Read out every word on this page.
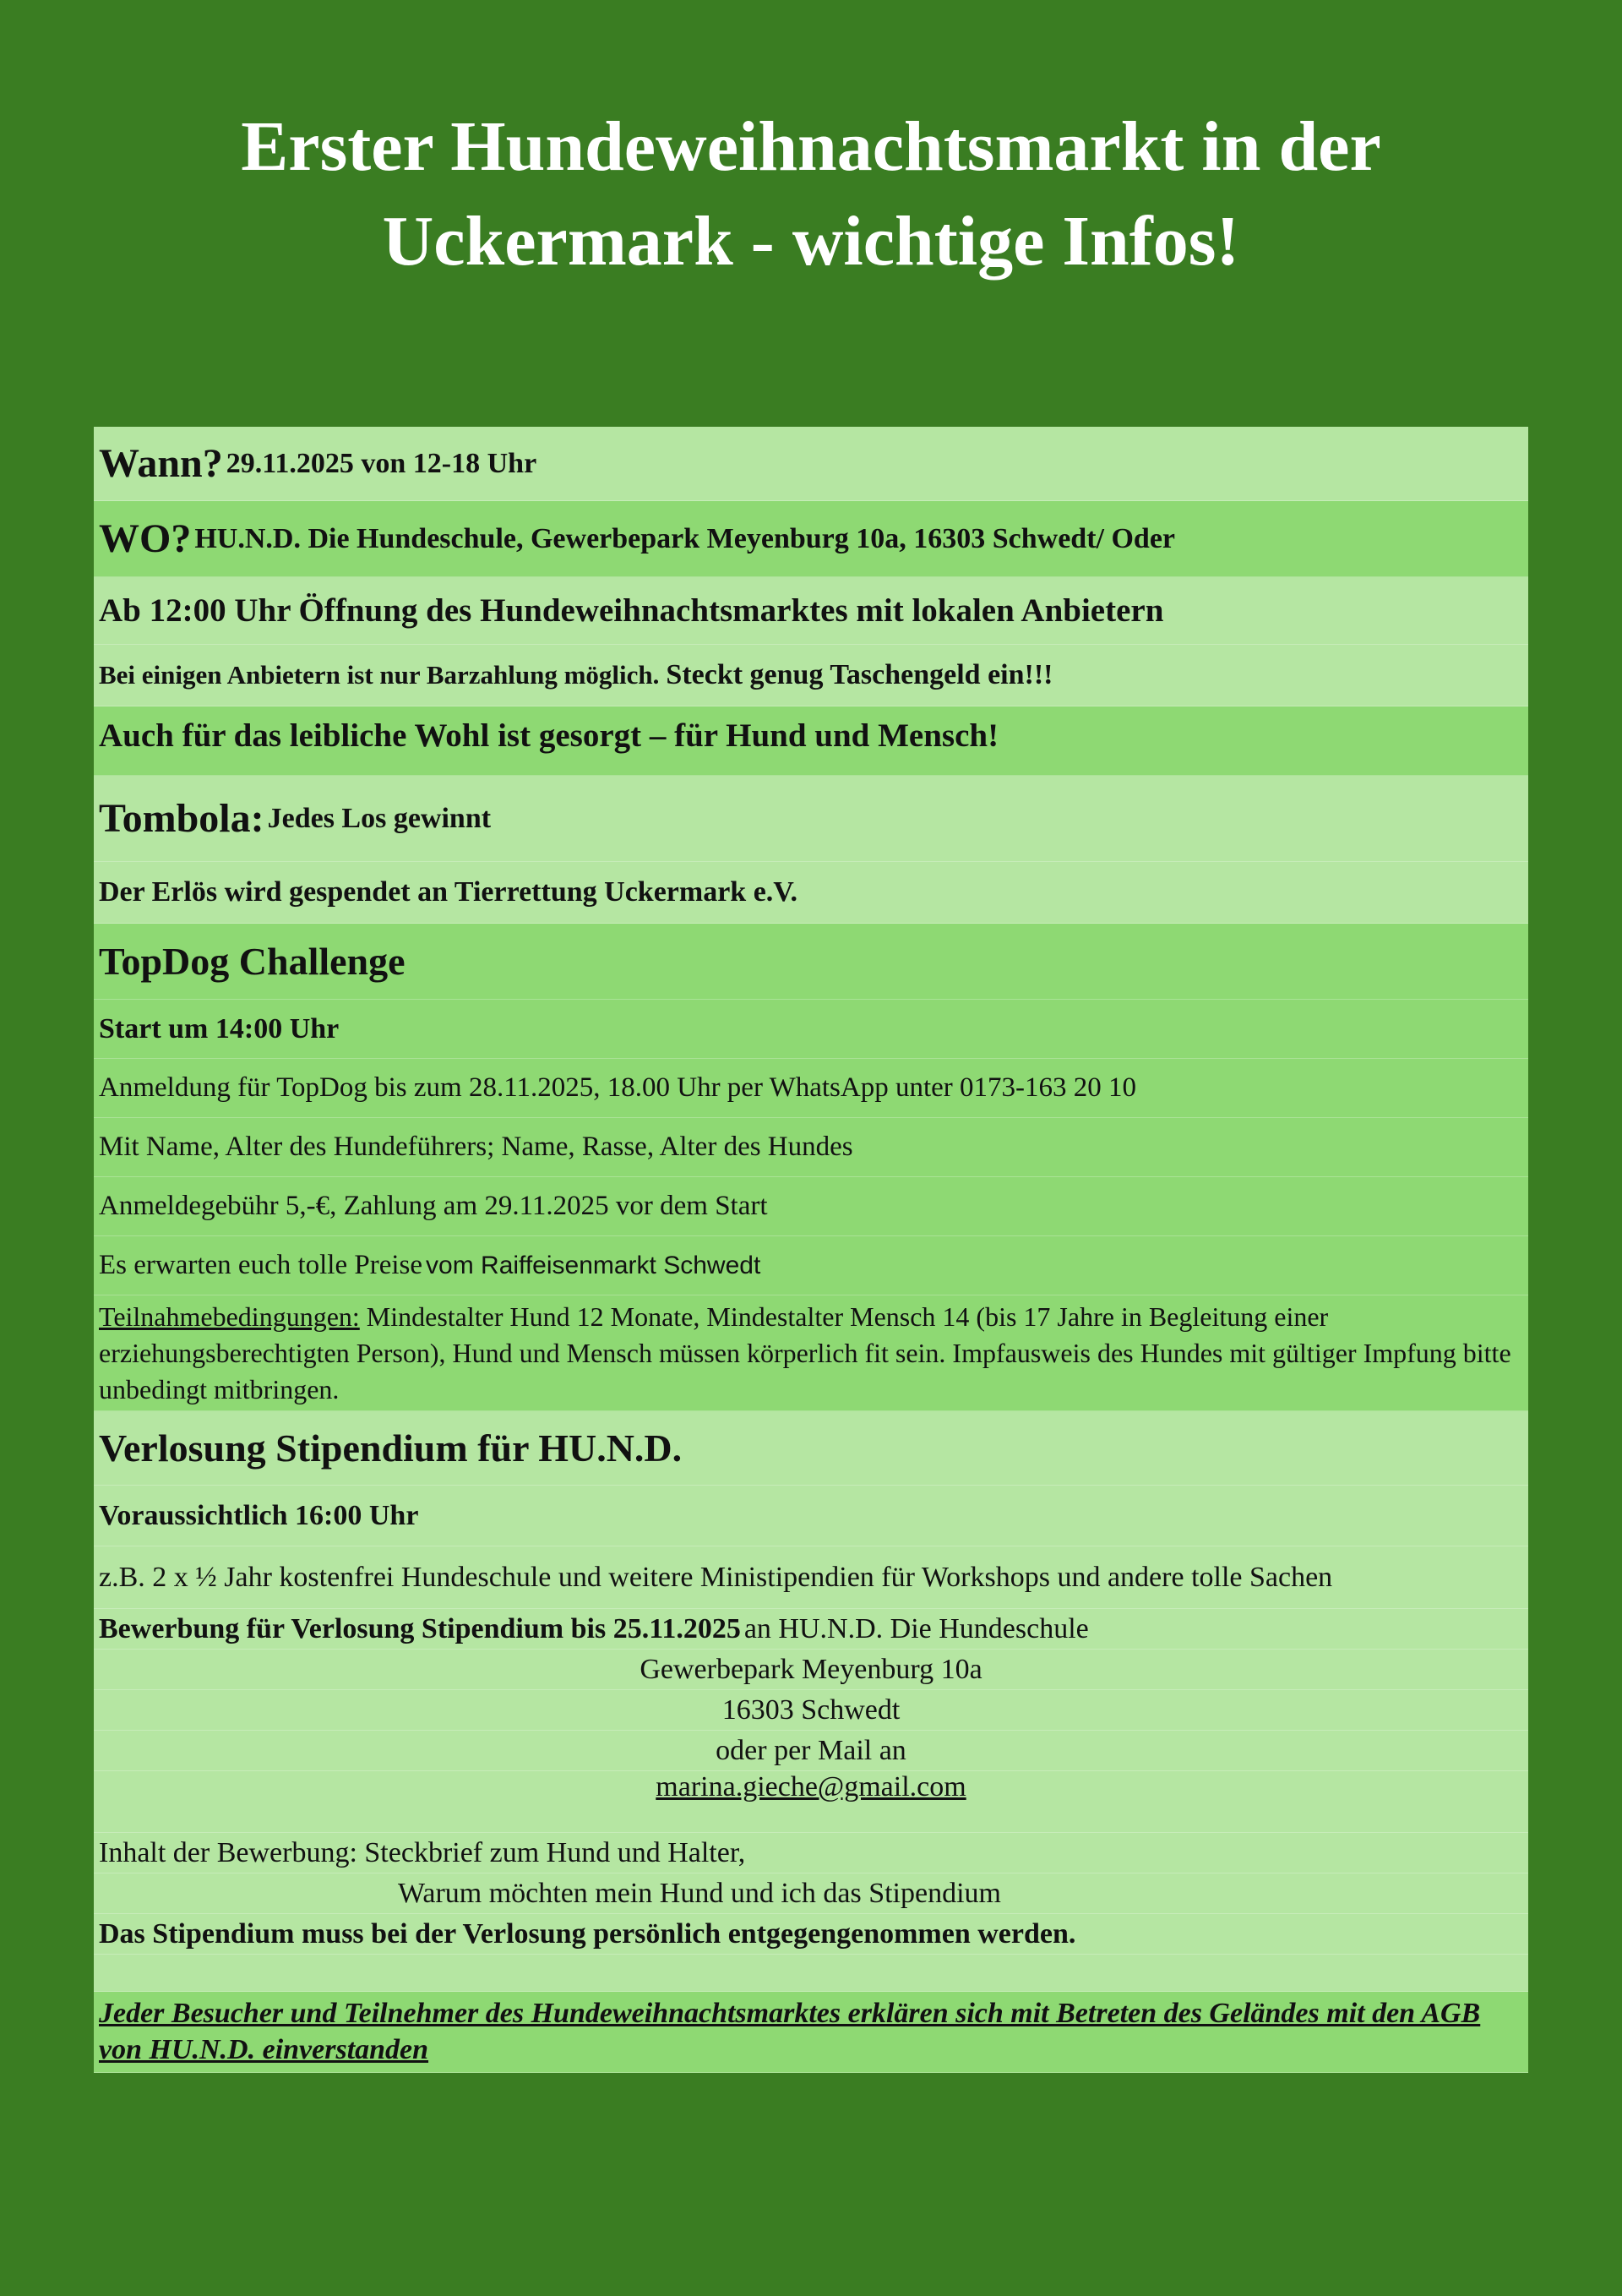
Erster Hundeweihnachtsmarkt in der
Uckermark - wichtige Infos!
Wann?
29.11.2025 von 12-18 Uhr
WO?
HU.N.D. Die Hundeschule, Gewerbepark Meyenburg 10a, 16303 Schwedt/ Oder
Ab 12:00 Uhr Öffnung des Hundeweihnachtsmarktes mit lokalen Anbietern
Bei einigen Anbietern ist nur Barzahlung möglich.
Steckt genug Taschengeld ein!!!
Auch für das leibliche Wohl ist gesorgt – für Hund und Mensch!
Tombola:
Jedes Los gewinnt
Der Erlös wird gespendet an Tierrettung Uckermark e.V.
TopDog Challenge
Start um 14:00 Uhr
Anmeldung für TopDog bis zum 28.11.2025, 18.00 Uhr per WhatsApp unter 0173-163 20 10
Mit Name, Alter des Hundeführers; Name, Rasse, Alter des Hundes
Anmeldegebühr 5,-€, Zahlung am 29.11.2025 vor dem Start
Es erwarten euch tolle Preise
vom Raiffeisenmarkt Schwedt
Teilnahmebedingungen: Mindestalter Hund 12 Monate, Mindestalter Mensch 14 (bis 17 Jahre in Begleitung einer erziehungsberechtigten Person), Hund und Mensch müssen körperlich fit sein. Impfausweis des Hundes mit gültiger Impfung bitte unbedingt mitbringen.
Verlosung Stipendium für HU.N.D.
Voraussichtlich 16:00 Uhr
z.B. 2 x ½ Jahr kostenfrei Hundeschule und weitere Ministipendien für Workshops und andere tolle Sachen
Bewerbung für Verlosung Stipendium bis 25.11.2025
an HU.N.D. Die Hundeschule
Gewerbepark Meyenburg 10a
16303 Schwedt
oder per Mail an
marina.gieche@gmail.com
Inhalt der Bewerbung: Steckbrief zum Hund und Halter,
Warum möchten mein Hund und ich das Stipendium
Das Stipendium muss bei der Verlosung persönlich entgegengenommen werden.
Jeder Besucher und Teilnehmer des Hundeweihnachtsmarktes erklären sich mit Betreten des Geländes mit den AGB von HU.N.D. einverstanden
